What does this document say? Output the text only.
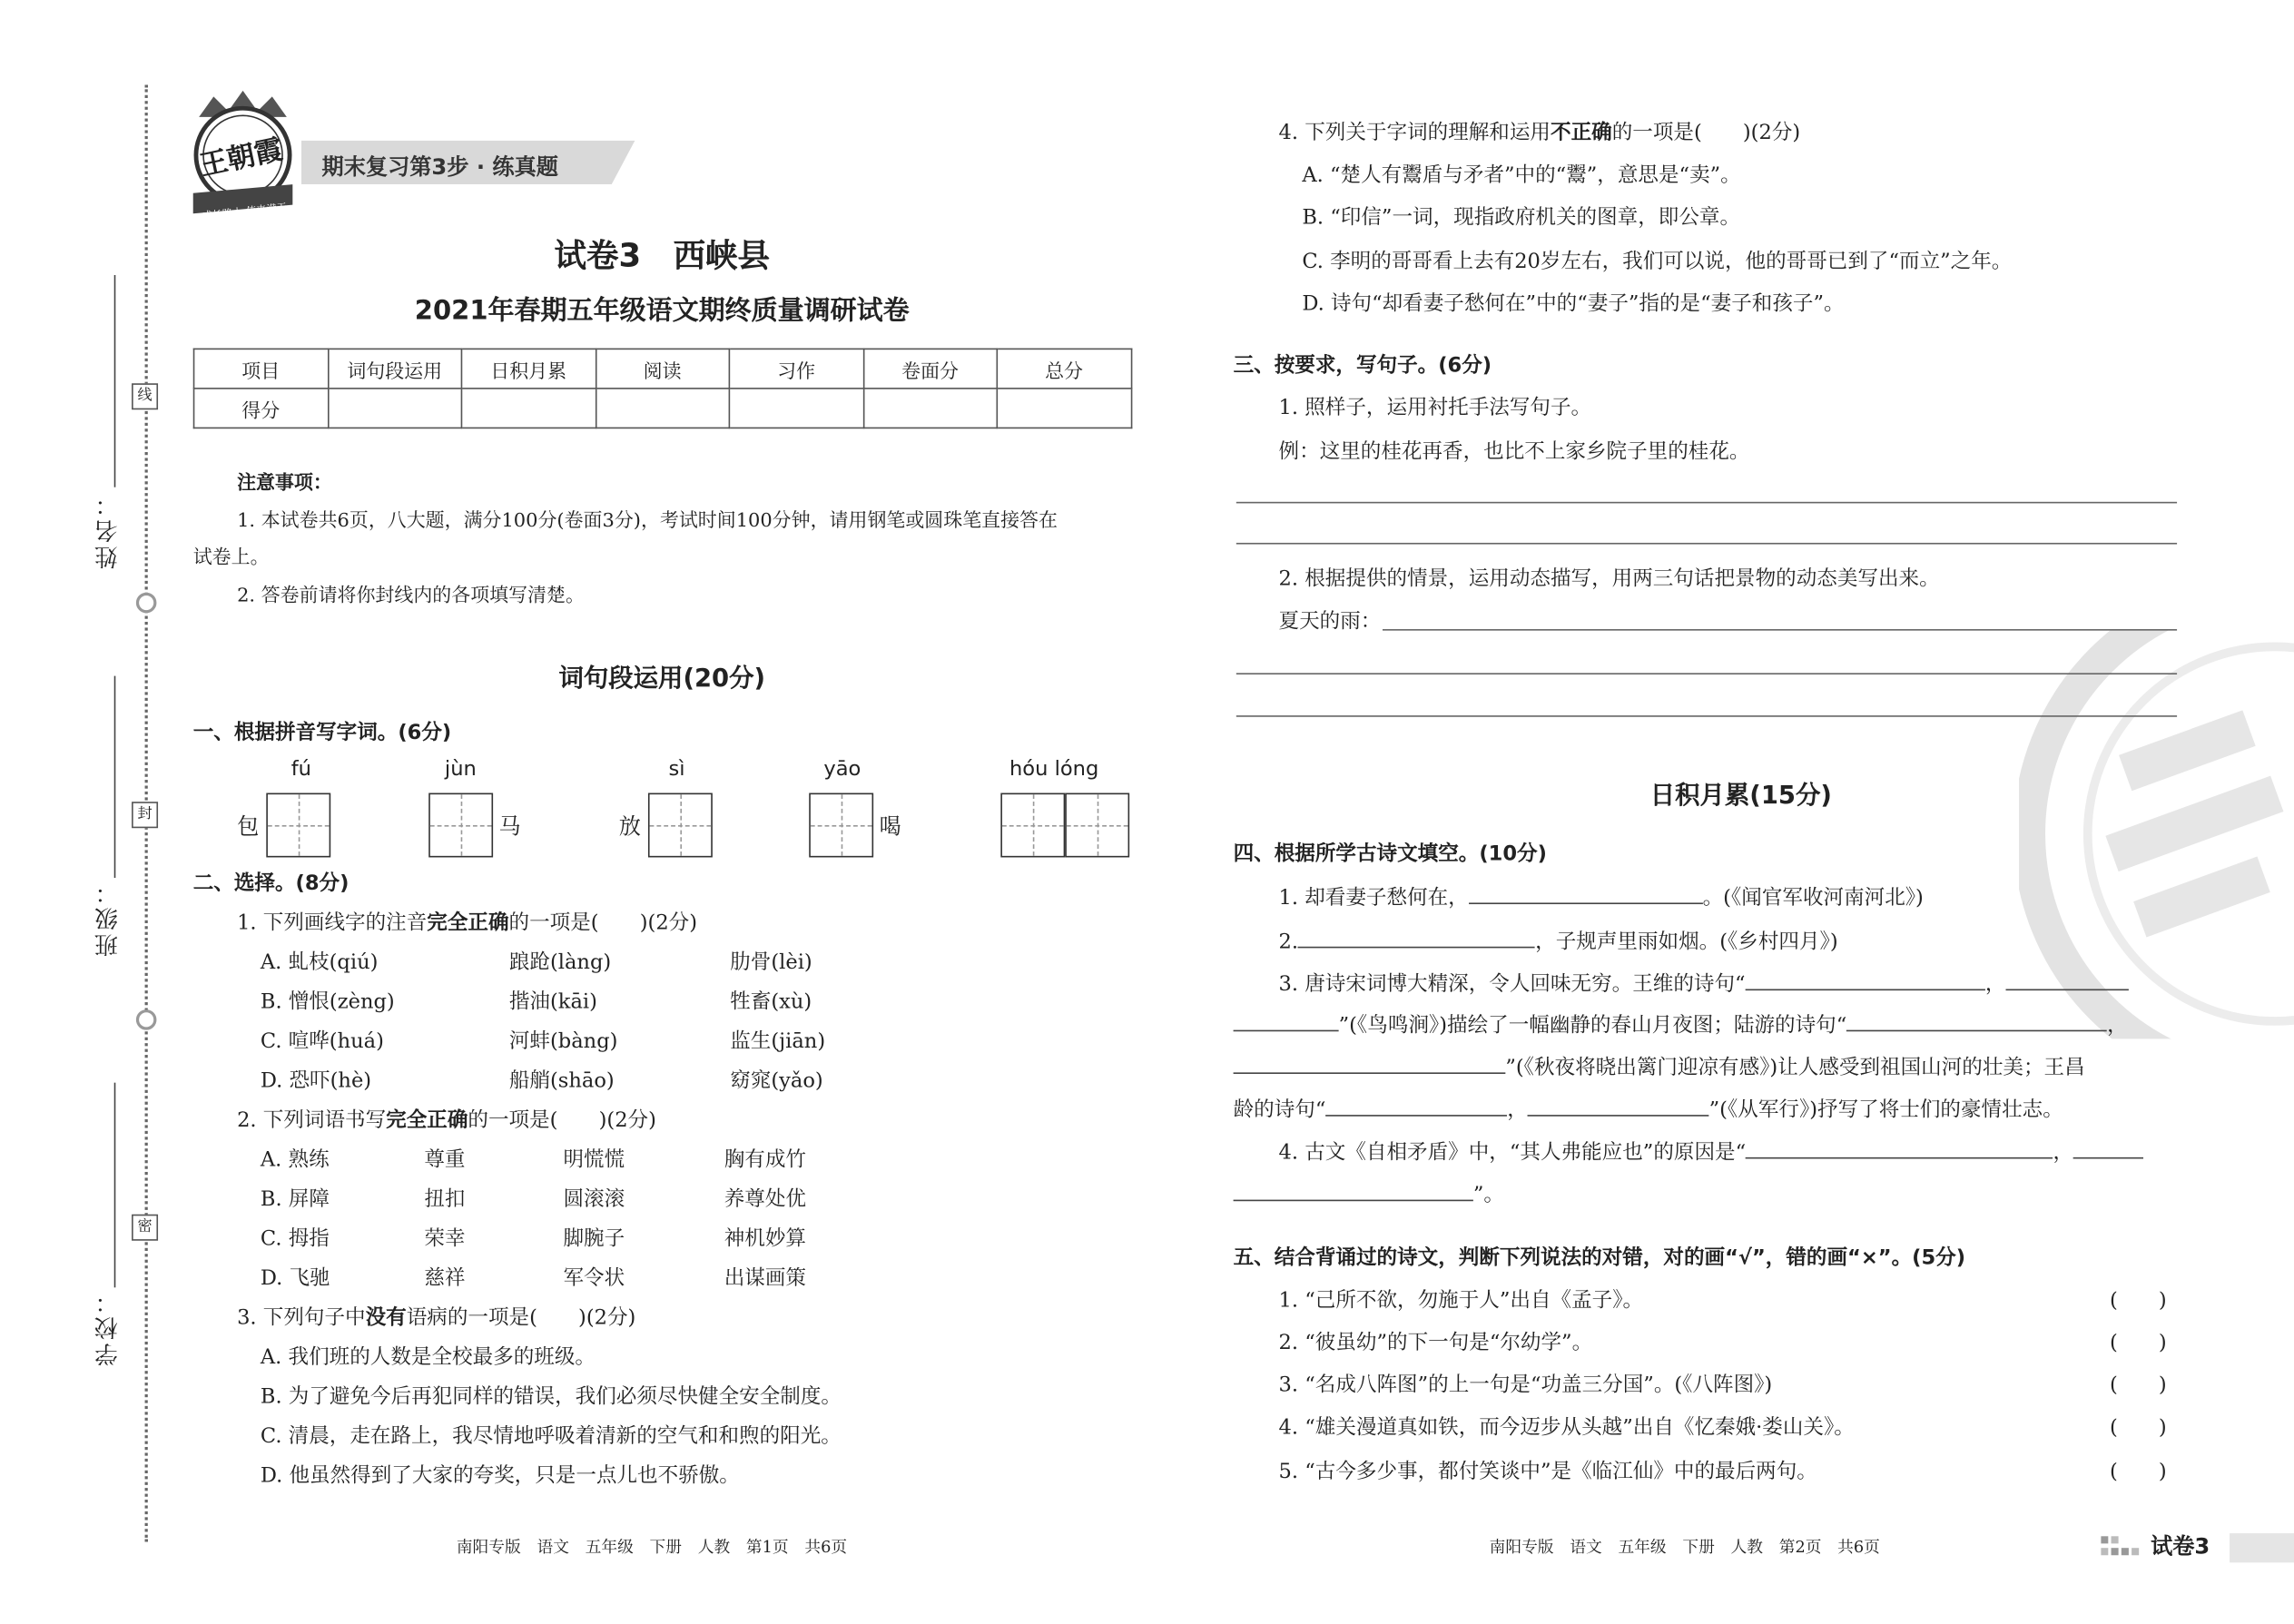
姓名：
班级：
学校：
线
封
密
王朝霞
成长路上 值来满天
期末复习第3步 · 练真题
试卷3　西峡县
2021年春期五年级语文期终质量调研试卷
项目	词句段运用	日积月累	阅读	习作	卷面分	总分
得分						
注意事项：
1. 本试卷共6页，八大题，满分100分(卷面3分)，考试时间100分钟，请用钢笔或圆珠笔直接答在
试卷上。
2. 答卷前请将你封线内的各项填写清楚。
词句段运用(20分)
一、根据拼音写字词。(6分)
fú	jùn	sì	yāo	hóu lóng
包	马	放	喝
二、选择。(8分)
1. 下列画线字的注音完全正确的一项是(　　)(2分)
A. 虬枝(qiú)	踉跄(làng)	肋骨(lèi)
B. 憎恨(zèng)	揩油(kāi)	牲畜(xù)
C. 喧哗(huá)	河蚌(bàng)	监生(jiān)
D. 恐吓(hè)	船艄(shāo)	窈窕(yǎo)
2. 下列词语书写完全正确的一项是(　　)(2分)
A. 熟练	尊重	明慌慌	胸有成竹
B. 屏障	扭扣	圆滚滚	养尊处优
C. 拇指	荣幸	脚腕子	神机妙算
D. 飞驰	慈祥	军令状	出谋画策
3. 下列句子中没有语病的一项是(　　)(2分)
A. 我们班的人数是全校最多的班级。
B. 为了避免今后再犯同样的错误，我们必须尽快健全安全制度。
C. 清晨，走在路上，我尽情地呼吸着清新的空气和和煦的阳光。
D. 他虽然得到了大家的夸奖，只是一点儿也不骄傲。
南阳专版　语文　五年级　下册　人教　第1页　共6页
4. 下列关于字词的理解和运用不正确的一项是(　　)(2分)
A. “楚人有鬻盾与矛者”中的“鬻”，意思是“卖”。
B. “印信”一词，现指政府机关的图章，即公章。
C. 李明的哥哥看上去有20岁左右，我们可以说，他的哥哥已到了“而立”之年。
D. 诗句“却看妻子愁何在”中的“妻子”指的是“妻子和孩子”。
三、按要求，写句子。(6分)
1. 照样子，运用衬托手法写句子。
例：这里的桂花再香，也比不上家乡院子里的桂花。
2. 根据提供的情景，运用动态描写，用两三句话把景物的动态美写出来。
夏天的雨：
日积月累(15分)
四、根据所学古诗文填空。(10分)
1. 却看妻子愁何在，	。(《闻官军收河南河北》)
2.	，子规声里雨如烟。(《乡村四月》)
3. 唐诗宋词博大精深，令人回味无穷。王维的诗句“	，
”(《鸟鸣涧》)描绘了一幅幽静的春山月夜图；陆游的诗句“	，
”(《秋夜将晓出篱门迎凉有感》)让人感受到祖国山河的壮美；王昌
龄的诗句“	，	”(《从军行》)抒写了将士们的豪情壮志。
4. 古文《自相矛盾》中，“其人弗能应也”的原因是“	，
”。
五、结合背诵过的诗文，判断下列说法的对错，对的画“√”，错的画“×”。(5分)
1. “己所不欲，勿施于人”出自《孟子》。	(　　)
2. “彼虽幼”的下一句是“尔幼学”。	(　　)
3. “名成八阵图”的上一句是“功盖三分国”。(《八阵图》)	(　　)
4. “雄关漫道真如铁，而今迈步从头越”出自《忆秦娥·娄山关》。	(　　)
5. “古今多少事，都付笑谈中”是《临江仙》中的最后两句。	(　　)
南阳专版　语文　五年级　下册　人教　第2页　共6页	试卷3
